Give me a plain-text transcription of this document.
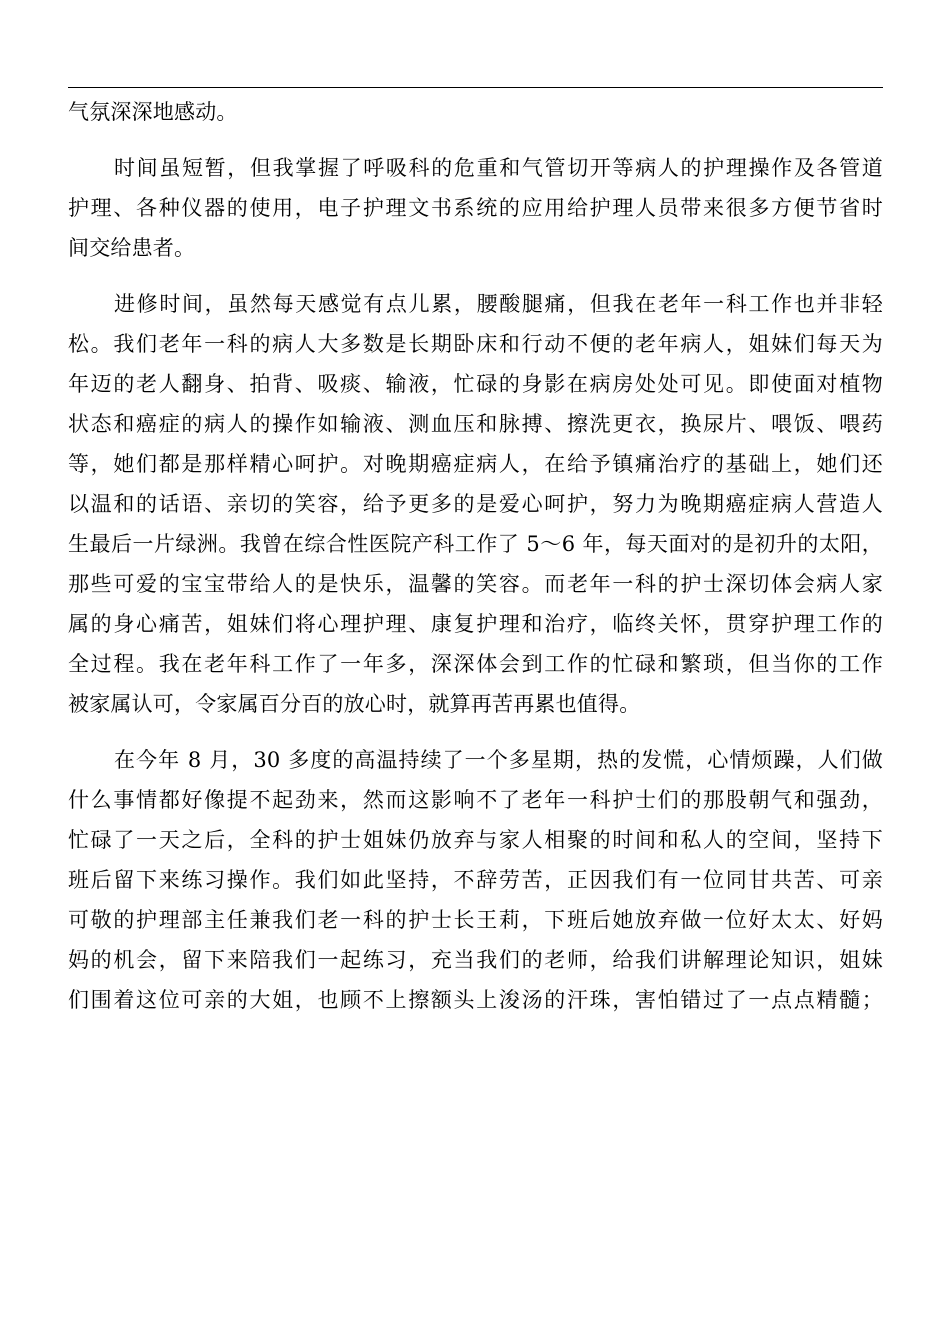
气氛深深地感动。
时间虽短暂，但我掌握了呼吸科的危重和气管切开等病人的护理操作及各管道
护理、各种仪器的使用，电子护理文书系统的应用给护理人员带来很多方便节省时
间交给患者。
进修时间，虽然每天感觉有点儿累，腰酸腿痛，但我在老年一科工作也并非轻
松。我们老年一科的病人大多数是长期卧床和行动不便的老年病人，姐妹们每天为
年迈的老人翻身、拍背、吸痰、输液，忙碌的身影在病房处处可见。即使面对植物
状态和癌症的病人的操作如输液、测血压和脉搏、擦洗更衣，换尿片、喂饭、喂药
等，她们都是那样精心呵护。对晚期癌症病人，在给予镇痛治疗的基础上，她们还
以温和的话语、亲切的笑容，给予更多的是爱心呵护，努力为晚期癌症病人营造人
生最后一片绿洲。我曾在综合性医院产科工作了 5～6 年，每天面对的是初升的太阳，
那些可爱的宝宝带给人的是快乐，温馨的笑容。而老年一科的护士深切体会病人家
属的身心痛苦，姐妹们将心理护理、康复护理和治疗，临终关怀，贯穿护理工作的
全过程。我在老年科工作了一年多，深深体会到工作的忙碌和繁琐，但当你的工作
被家属认可，令家属百分百的放心时，就算再苦再累也值得。
在今年 8 月，30 多度的高温持续了一个多星期，热的发慌，心情烦躁，人们做
什么事情都好像提不起劲来，然而这影响不了老年一科护士们的那股朝气和强劲，
忙碌了一天之后，全科的护士姐妹仍放弃与家人相聚的时间和私人的空间，坚持下
班后留下来练习操作。我们如此坚持，不辞劳苦，正因我们有一位同甘共苦、可亲
可敬的护理部主任兼我们老一科的护士长王莉，下班后她放弃做一位好太太、好妈
妈的机会，留下来陪我们一起练习，充当我们的老师，给我们讲解理论知识，姐妹
们围着这位可亲的大姐，也顾不上擦额头上浚汤的汗珠，害怕错过了一点点精髓；
